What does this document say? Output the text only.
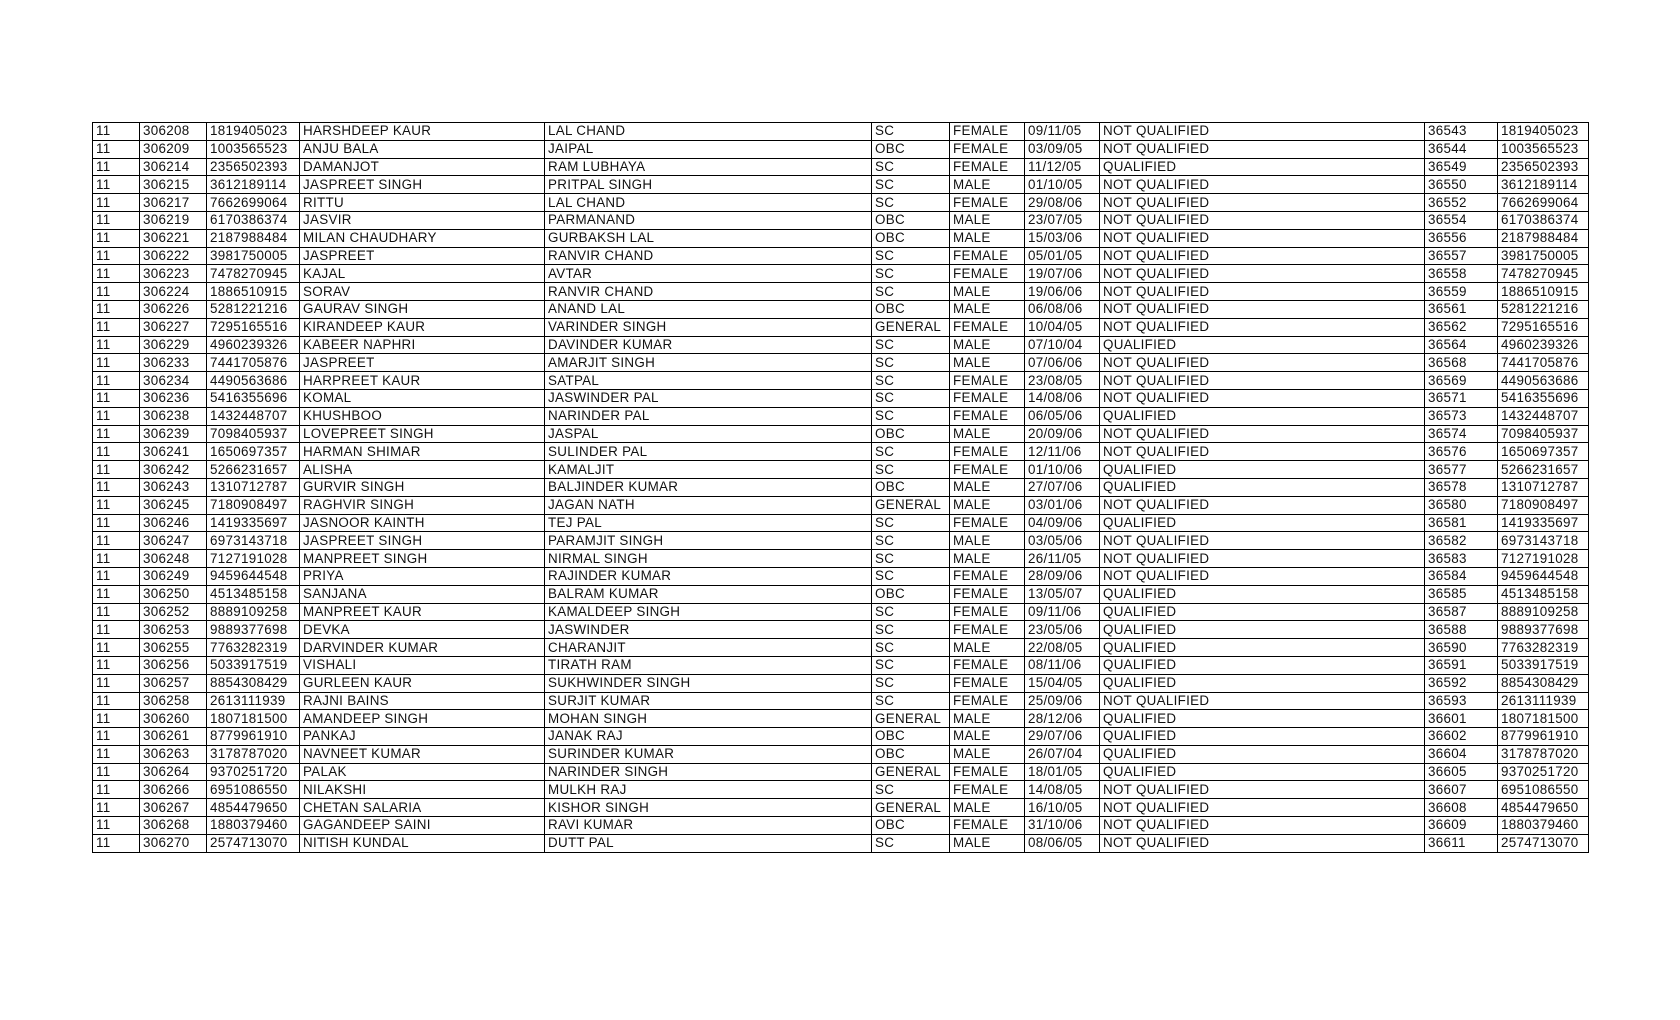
11	306208	1819405023	HARSHDEEP KAUR	LAL CHAND	SC	FEMALE	09/11/05	NOT QUALIFIED	36543	1819405023
11	306209	1003565523	ANJU BALA	JAIPAL	OBC	FEMALE	03/09/05	NOT QUALIFIED	36544	1003565523
11	306214	2356502393	DAMANJOT	RAM LUBHAYA	SC	FEMALE	11/12/05	QUALIFIED	36549	2356502393
11	306215	3612189114	JASPREET SINGH	PRITPAL SINGH	SC	MALE	01/10/05	NOT QUALIFIED	36550	3612189114
11	306217	7662699064	RITTU	LAL CHAND	SC	FEMALE	29/08/06	NOT QUALIFIED	36552	7662699064
11	306219	6170386374	JASVIR	PARMANAND	OBC	MALE	23/07/05	NOT QUALIFIED	36554	6170386374
11	306221	2187988484	MILAN CHAUDHARY	GURBAKSH LAL	OBC	MALE	15/03/06	NOT QUALIFIED	36556	2187988484
11	306222	3981750005	JASPREET	RANVIR CHAND	SC	FEMALE	05/01/05	NOT QUALIFIED	36557	3981750005
11	306223	7478270945	KAJAL	AVTAR	SC	FEMALE	19/07/06	NOT QUALIFIED	36558	7478270945
11	306224	1886510915	SORAV	RANVIR CHAND	SC	MALE	19/06/06	NOT QUALIFIED	36559	1886510915
11	306226	5281221216	GAURAV SINGH	ANAND LAL	OBC	MALE	06/08/06	NOT QUALIFIED	36561	5281221216
11	306227	7295165516	KIRANDEEP KAUR	VARINDER SINGH	GENERAL	FEMALE	10/04/05	NOT QUALIFIED	36562	7295165516
11	306229	4960239326	KABEER NAPHRI	DAVINDER KUMAR	SC	MALE	07/10/04	QUALIFIED	36564	4960239326
11	306233	7441705876	JASPREET	AMARJIT SINGH	SC	MALE	07/06/06	NOT QUALIFIED	36568	7441705876
11	306234	4490563686	HARPREET KAUR	SATPAL	SC	FEMALE	23/08/05	NOT QUALIFIED	36569	4490563686
11	306236	5416355696	KOMAL	JASWINDER PAL	SC	FEMALE	14/08/06	NOT QUALIFIED	36571	5416355696
11	306238	1432448707	KHUSHBOO	NARINDER PAL	SC	FEMALE	06/05/06	QUALIFIED	36573	1432448707
11	306239	7098405937	LOVEPREET SINGH	JASPAL	OBC	MALE	20/09/06	NOT QUALIFIED	36574	7098405937
11	306241	1650697357	HARMAN SHIMAR	SULINDER PAL	SC	FEMALE	12/11/06	NOT QUALIFIED	36576	1650697357
11	306242	5266231657	ALISHA	KAMALJIT	SC	FEMALE	01/10/06	QUALIFIED	36577	5266231657
11	306243	1310712787	GURVIR SINGH	BALJINDER KUMAR	OBC	MALE	27/07/06	QUALIFIED	36578	1310712787
11	306245	7180908497	RAGHVIR SINGH	JAGAN NATH	GENERAL	MALE	03/01/06	NOT QUALIFIED	36580	7180908497
11	306246	1419335697	JASNOOR KAINTH	TEJ PAL	SC	FEMALE	04/09/06	QUALIFIED	36581	1419335697
11	306247	6973143718	JASPREET SINGH	PARAMJIT SINGH	SC	MALE	03/05/06	NOT QUALIFIED	36582	6973143718
11	306248	7127191028	MANPREET SINGH	NIRMAL SINGH	SC	MALE	26/11/05	NOT QUALIFIED	36583	7127191028
11	306249	9459644548	PRIYA	RAJINDER KUMAR	SC	FEMALE	28/09/06	NOT QUALIFIED	36584	9459644548
11	306250	4513485158	SANJANA	BALRAM KUMAR	OBC	FEMALE	13/05/07	QUALIFIED	36585	4513485158
11	306252	8889109258	MANPREET KAUR	KAMALDEEP SINGH	SC	FEMALE	09/11/06	QUALIFIED	36587	8889109258
11	306253	9889377698	DEVKA	JASWINDER	SC	FEMALE	23/05/06	QUALIFIED	36588	9889377698
11	306255	7763282319	DARVINDER KUMAR	CHARANJIT	SC	MALE	22/08/05	QUALIFIED	36590	7763282319
11	306256	5033917519	VISHALI	TIRATH RAM	SC	FEMALE	08/11/06	QUALIFIED	36591	5033917519
11	306257	8854308429	GURLEEN KAUR	SUKHWINDER SINGH	SC	FEMALE	15/04/05	QUALIFIED	36592	8854308429
11	306258	2613111939	RAJNI BAINS	SURJIT KUMAR	SC	FEMALE	25/09/06	NOT QUALIFIED	36593	2613111939
11	306260	1807181500	AMANDEEP SINGH	MOHAN SINGH	GENERAL	MALE	28/12/06	QUALIFIED	36601	1807181500
11	306261	8779961910	PANKAJ	JANAK RAJ	OBC	MALE	29/07/06	QUALIFIED	36602	8779961910
11	306263	3178787020	NAVNEET KUMAR	SURINDER KUMAR	OBC	MALE	26/07/04	QUALIFIED	36604	3178787020
11	306264	9370251720	PALAK	NARINDER SINGH	GENERAL	FEMALE	18/01/05	QUALIFIED	36605	9370251720
11	306266	6951086550	NILAKSHI	MULKH RAJ	SC	FEMALE	14/08/05	NOT QUALIFIED	36607	6951086550
11	306267	4854479650	CHETAN SALARIA	KISHOR SINGH	GENERAL	MALE	16/10/05	NOT QUALIFIED	36608	4854479650
11	306268	1880379460	GAGANDEEP SAINI	RAVI KUMAR	OBC	FEMALE	31/10/06	NOT QUALIFIED	36609	1880379460
11	306270	2574713070	NITISH KUNDAL	DUTT PAL	SC	MALE	08/06/05	NOT QUALIFIED	36611	2574713070
